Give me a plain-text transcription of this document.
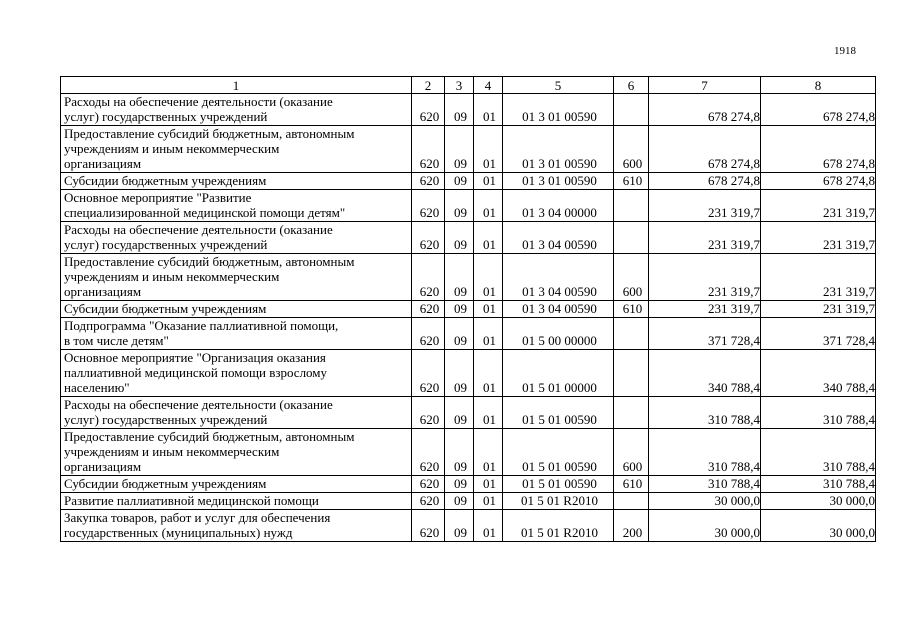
1918
1	2	3	4	5	6	7	8
Расходы на обеспечение деятельности (оказание
услуг) государственных учреждений	620	09	01	01 3 01 00590		678 274,8	678 274,8
Предоставление субсидий бюджетным, автономным
учреждениям и иным некоммерческим
организациям	620	09	01	01 3 01 00590	600	678 274,8	678 274,8
Субсидии бюджетным учреждениям	620	09	01	01 3 01 00590	610	678 274,8	678 274,8
Основное мероприятие "Развитие
специализированной медицинской помощи детям"	620	09	01	01 3 04 00000		231 319,7	231 319,7
Расходы на обеспечение деятельности (оказание
услуг) государственных учреждений	620	09	01	01 3 04 00590		231 319,7	231 319,7
Предоставление субсидий бюджетным, автономным
учреждениям и иным некоммерческим
организациям	620	09	01	01 3 04 00590	600	231 319,7	231 319,7
Субсидии бюджетным учреждениям	620	09	01	01 3 04 00590	610	231 319,7	231 319,7
Подпрограмма "Оказание паллиативной помощи,
в том числе детям"	620	09	01	01 5 00 00000		371 728,4	371 728,4
Основное мероприятие "Организация оказания
паллиативной медицинской помощи взрослому
населению"	620	09	01	01 5 01 00000		340 788,4	340 788,4
Расходы на обеспечение деятельности (оказание
услуг) государственных учреждений	620	09	01	01 5 01 00590		310 788,4	310 788,4
Предоставление субсидий бюджетным, автономным
учреждениям и иным некоммерческим
организациям	620	09	01	01 5 01 00590	600	310 788,4	310 788,4
Субсидии бюджетным учреждениям	620	09	01	01 5 01 00590	610	310 788,4	310 788,4
Развитие паллиативной медицинской помощи	620	09	01	01 5 01 R2010		30 000,0	30 000,0
Закупка товаров, работ и услуг для обеспечения
государственных (муниципальных) нужд	620	09	01	01 5 01 R2010	200	30 000,0	30 000,0
